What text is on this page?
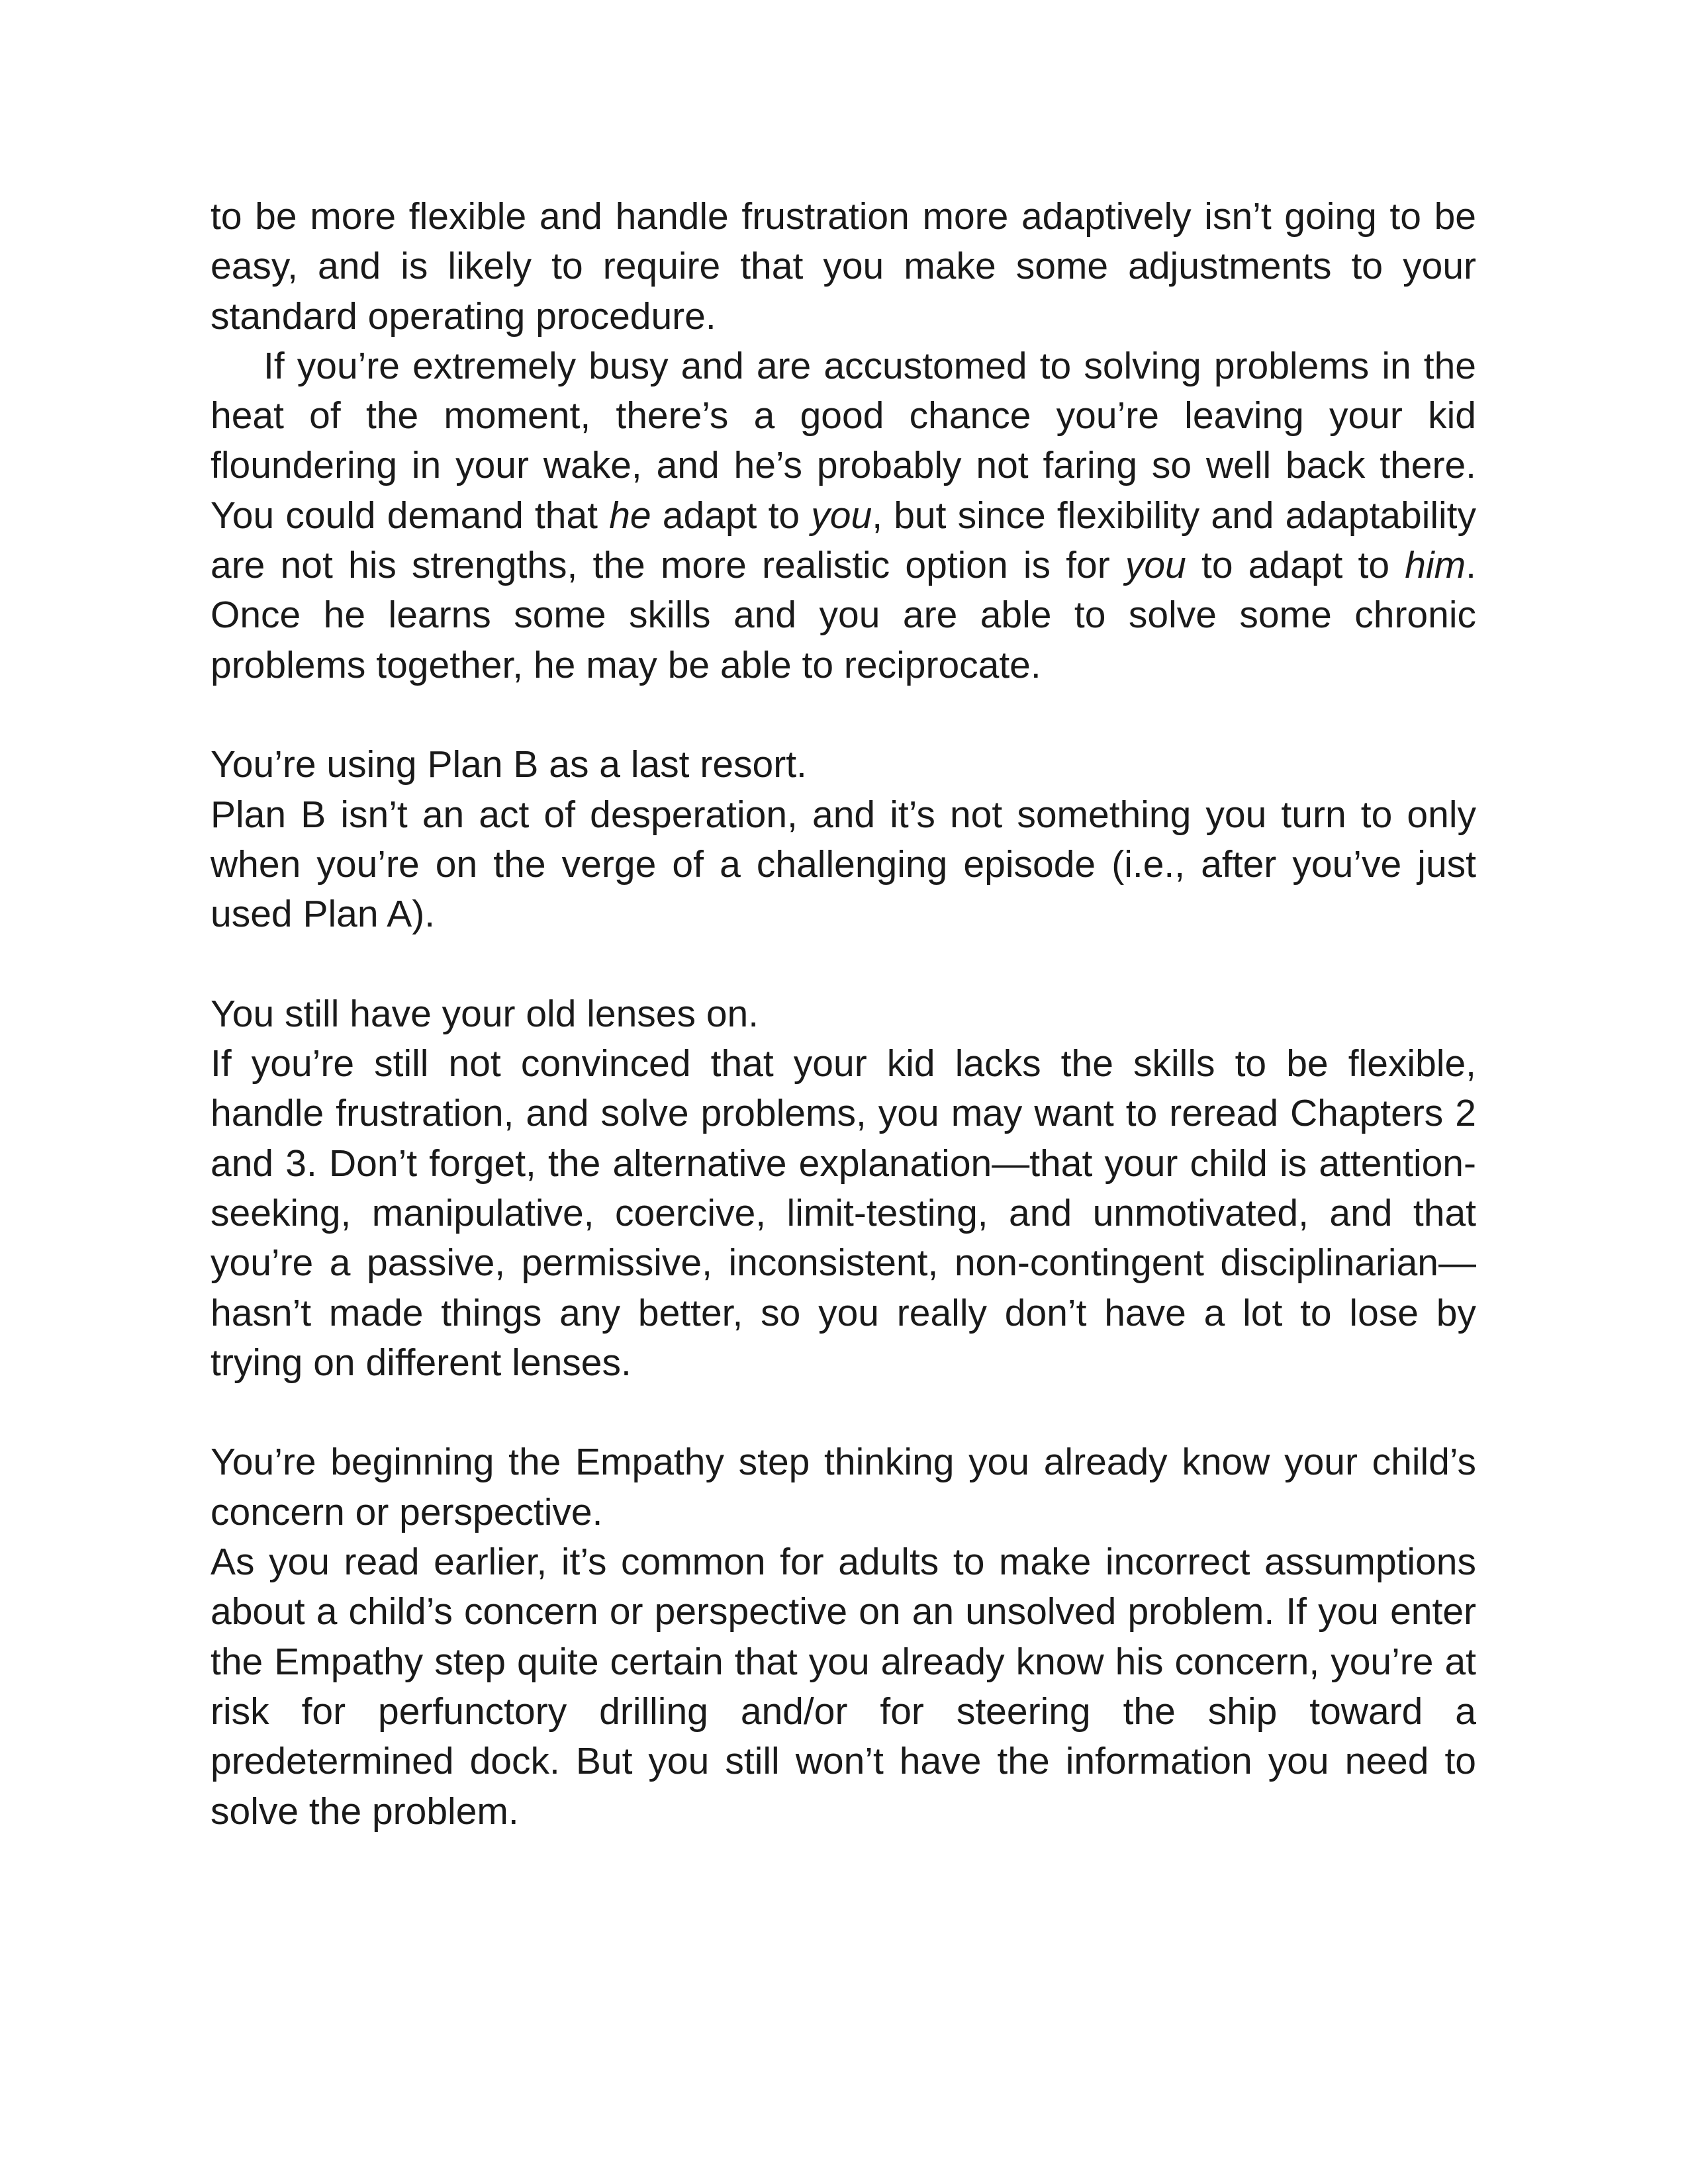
to be more flexible and handle frustration more adaptively isn’t going to be easy, and is likely to require that you make some adjustments to your standard operating procedure.

If you’re extremely busy and are accustomed to solving problems in the heat of the moment, there’s a good chance you’re leaving your kid floundering in your wake, and he’s probably not faring so well back there. You could demand that he adapt to you, but since flexibility and adaptability are not his strengths, the more realistic option is for you to adapt to him. Once he learns some skills and you are able to solve some chronic problems together, he may be able to reciprocate.

You’re using Plan B as a last resort.

Plan B isn’t an act of desperation, and it’s not something you turn to only when you’re on the verge of a challenging episode (i.e., after you’ve just used Plan A).

You still have your old lenses on.

If you’re still not convinced that your kid lacks the skills to be flexible, handle frustration, and solve problems, you may want to reread Chapters 2 and 3. Don’t forget, the alternative explanation—that your child is attention-seeking, manipulative, coercive, limit-testing, and unmotivated, and that you’re a passive, permissive, inconsistent, non-contingent disciplinarian—hasn’t made things any better, so you really don’t have a lot to lose by trying on different lenses.

You’re beginning the Empathy step thinking you already know your child’s concern or perspective.

As you read earlier, it’s common for adults to make incorrect assumptions about a child’s concern or perspective on an unsolved problem. If you enter the Empathy step quite certain that you already know his concern, you’re at risk for perfunctory drilling and/or for steering the ship toward a predetermined dock. But you still won’t have the information you need to solve the problem.
